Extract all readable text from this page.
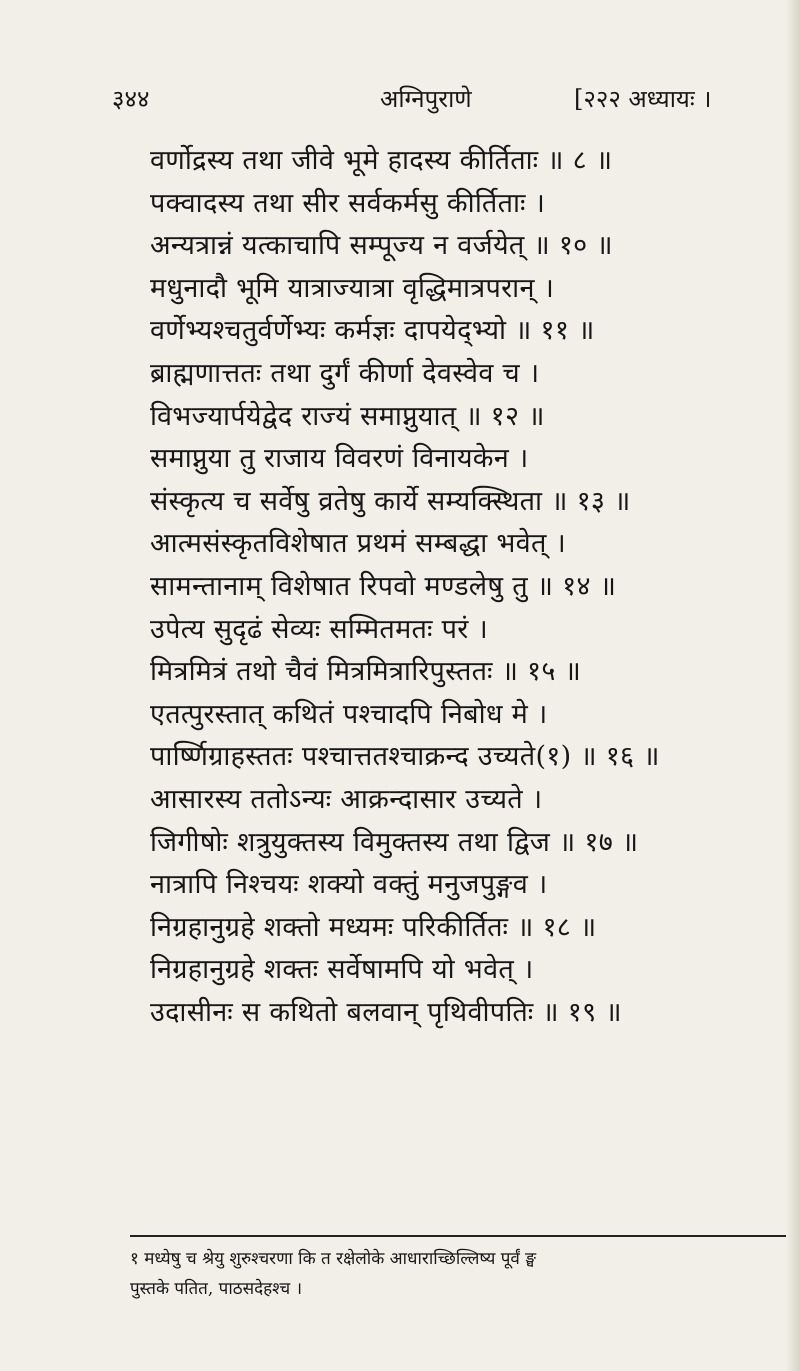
३४४	अग्निपुराणे	[२२२ अध्यायः ।
वर्णोद्रस्य तथा जीवे भूमे हादस्य कीर्तिताः ॥ ८ ॥
पक्वादस्य तथा सीर सर्वकर्मसु कीर्तिताः ।
अन्यत्रान्नं यत्काचापि सम्पूज्य न वर्जयेत् ॥ १० ॥
मधुनादौ भूमि यात्राज्यात्रा वृद्धिमात्रपरान् ।
वर्णेभ्यश्चतुर्वर्णेभ्यः कर्मज्ञः दापयेद्भ्यो ॥ ११ ॥
ब्राह्मणात्ततः तथा दुर्गं कीर्णा देवस्वेव च ।
विभज्यार्पयेद्वेद राज्यं समाप्नुयात् ॥ १२ ॥
समाप्नुया तु राजाय विवरणं विनायकेन ।
संस्कृत्य च सर्वेषु व्रतेषु कार्ये सम्यक्स्थिता ॥ १३ ॥
आत्मसंस्कृतविशेषात प्रथमं सम्बद्धा भवेत् ।
सामन्तानाम् विशेषात रिपवो मण्डलेषु तु ॥ १४ ॥
उपेत्य सुदृढं सेव्यः सम्मितमतः परं ।
मित्रमित्रं तथो चैवं मित्रमित्रारिपुस्ततः ॥ १५ ॥
एतत्पुरस्तात् कथितं पश्चादपि निबोध मे ।
पार्ष्णिग्राहस्ततः पश्चात्ततश्चाक्रन्द उच्यते(१) ॥ १६ ॥
आसारस्य ततोऽन्यः आक्रन्दासार उच्यते ।
जिगीषोः शत्रुयुक्तस्य विमुक्तस्य तथा द्विज ॥ १७ ॥
नात्रापि निश्चयः शक्यो वक्तुं मनुजपुङ्गव ।
निग्रहानुग्रहे शक्तो मध्यमः परिकीर्तितः ॥ १८ ॥
निग्रहानुग्रहे शक्तः सर्वेषामपि यो भवेत् ।
उदासीनः स कथितो बलवान् पृथिवीपतिः ॥ १९ ॥
१ मध्येषु च श्रेयु शुरुश्चरणा कि त रक्षेलोके आधाराच्छिल्लिष्य पूर्वं ङ्घ
पुस्तके पतित, पाठसदेहश्च ।
